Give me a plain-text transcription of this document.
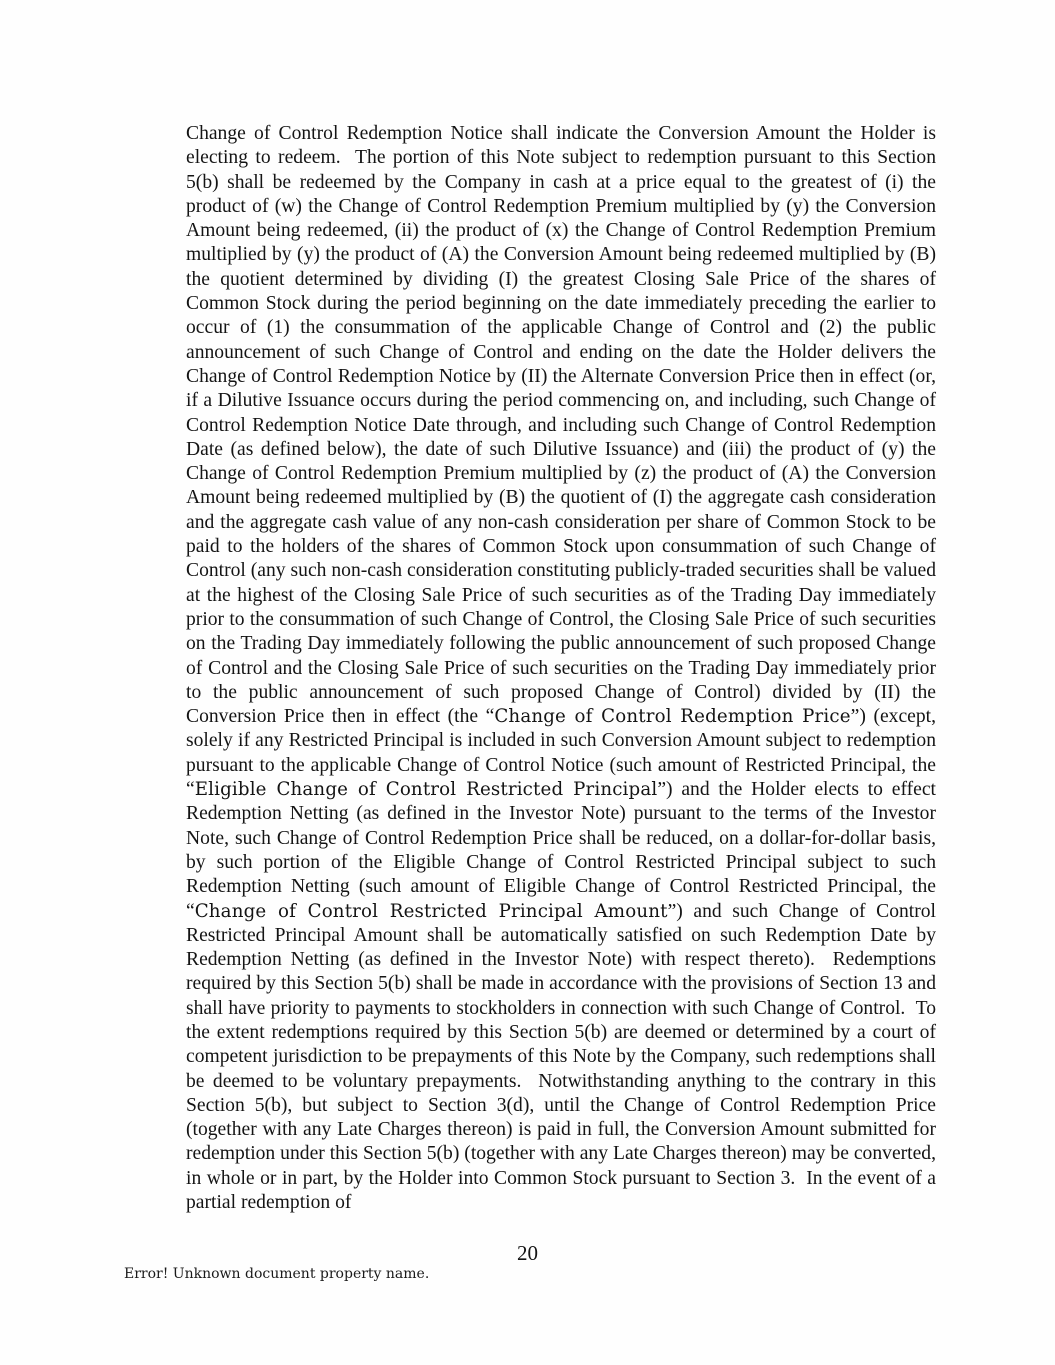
Change of Control Redemption Notice shall indicate the Conversion Amount the Holder is electing to redeem.  The portion of this Note subject to redemption pursuant to this Section 5(b) shall be redeemed by the Company in cash at a price equal to the greatest of (i) the product of (w) the Change of Control Redemption Premium multiplied by (y) the Conversion Amount being redeemed, (ii) the product of (x) the Change of Control Redemption Premium multiplied by (y) the product of (A) the Conversion Amount being redeemed multiplied by (B) the quotient determined by dividing (I) the greatest Closing Sale Price of the shares of Common Stock during the period beginning on the date immediately preceding the earlier to occur of (1) the consummation of the applicable Change of Control and (2) the public announcement of such Change of Control and ending on the date the Holder delivers the Change of Control Redemption Notice by (II) the Alternate Conversion Price then in effect (or, if a Dilutive Issuance occurs during the period commencing on, and including, such Change of Control Redemption Notice Date through, and including such Change of Control Redemption Date (as defined below), the date of such Dilutive Issuance) and (iii) the product of (y) the Change of Control Redemption Premium multiplied by (z) the product of (A) the Conversion Amount being redeemed multiplied by (B) the quotient of (I) the aggregate cash consideration and the aggregate cash value of any non-cash consideration per share of Common Stock to be paid to the holders of the shares of Common Stock upon consummation of such Change of Control (any such non-cash consideration constituting publicly-traded securities shall be valued at the highest of the Closing Sale Price of such securities as of the Trading Day immediately prior to the consummation of such Change of Control, the Closing Sale Price of such securities on the Trading Day immediately following the public announcement of such proposed Change of Control and the Closing Sale Price of such securities on the Trading Day immediately prior to the public announcement of such proposed Change of Control) divided by (II) the Conversion Price then in effect (the “Change of Control Redemption Price”) (except, solely if any Restricted Principal is included in such Conversion Amount subject to redemption pursuant to the applicable Change of Control Notice (such amount of Restricted Principal, the “Eligible Change of Control Restricted Principal”) and the Holder elects to effect Redemption Netting (as defined in the Investor Note) pursuant to the terms of the Investor Note, such Change of Control Redemption Price shall be reduced, on a dollar-for-dollar basis, by such portion of the Eligible Change of Control Restricted Principal subject to such Redemption Netting (such amount of Eligible Change of Control Restricted Principal, the “Change of Control Restricted Principal Amount”) and such Change of Control Restricted Principal Amount shall be automatically satisfied on such Redemption Date by Redemption Netting (as defined in the Investor Note) with respect thereto).  Redemptions required by this Section 5(b) shall be made in accordance with the provisions of Section 13 and shall have priority to payments to stockholders in connection with such Change of Control.  To the extent redemptions required by this Section 5(b) are deemed or determined by a court of competent jurisdiction to be prepayments of this Note by the Company, such redemptions shall be deemed to be voluntary prepayments.  Notwithstanding anything to the contrary in this Section 5(b), but subject to Section 3(d), until the Change of Control Redemption Price (together with any Late Charges thereon) is paid in full, the Conversion Amount submitted for redemption under this Section 5(b) (together with any Late Charges thereon) may be converted, in whole or in part, by the Holder into Common Stock pursuant to Section 3.  In the event of a partial redemption of
20
Error! Unknown document property name.
